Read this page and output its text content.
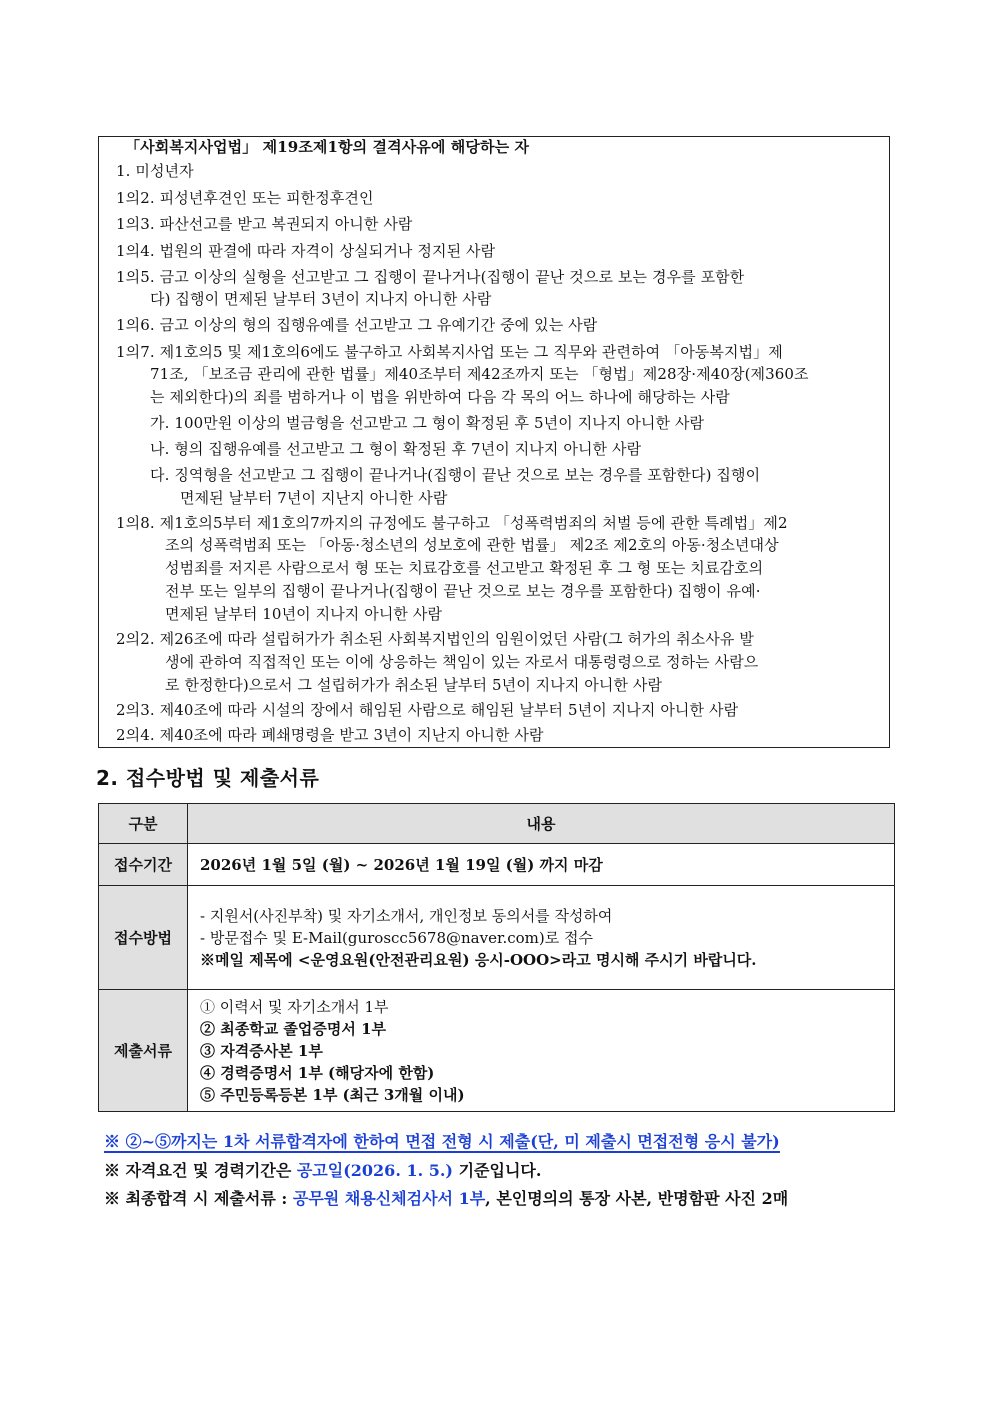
「사회복지사업법」 제19조제1항의 결격사유에 해당하는 자
1. 미성년자
1의2. 피성년후견인 또는 피한정후견인
1의3. 파산선고를 받고 복권되지 아니한 사람
1의4. 법원의 판결에 따라 자격이 상실되거나 정지된 사람
1의5. 금고 이상의 실형을 선고받고 그 집행이 끝나거나(집행이 끝난 것으로 보는 경우를 포함한
다) 집행이 면제된 날부터 3년이 지나지 아니한 사람
1의6. 금고 이상의 형의 집행유예를 선고받고 그 유예기간 중에 있는 사람
1의7. 제1호의5 및 제1호의6에도 불구하고 사회복지사업 또는 그 직무와 관련하여 「아동복지법」제
71조, 「보조금 관리에 관한 법률」제40조부터 제42조까지 또는 「형법」제28장·제40장(제360조
는 제외한다)의 죄를 범하거나 이 법을 위반하여 다음 각 목의 어느 하나에 해당하는 사람
가. 100만원 이상의 벌금형을 선고받고 그 형이 확정된 후 5년이 지나지 아니한 사람
나. 형의 집행유예를 선고받고 그 형이 확정된 후 7년이 지나지 아니한 사람
다. 징역형을 선고받고 그 집행이 끝나거나(집행이 끝난 것으로 보는 경우를 포함한다) 집행이
면제된 날부터 7년이 지난지 아니한 사람
1의8. 제1호의5부터 제1호의7까지의 규정에도 불구하고 「성폭력범죄의 처벌 등에 관한 특례법」제2
조의 성폭력범죄 또는 「아동·청소년의 성보호에 관한 법률」 제2조 제2호의 아동·청소년대상
성범죄를 저지른 사람으로서 형 또는 치료감호를 선고받고 확정된 후 그 형 또는 치료감호의
전부 또는 일부의 집행이 끝나거나(집행이 끝난 것으로 보는 경우를 포함한다) 집행이 유예·
면제된 날부터 10년이 지나지 아니한 사람
2의2. 제26조에 따라 설립허가가 취소된 사회복지법인의 임원이었던 사람(그 허가의 취소사유 발
생에 관하여 직접적인 또는 이에 상응하는 책임이 있는 자로서 대통령령으로 정하는 사람으
로 한정한다)으로서 그 설립허가가 취소된 날부터 5년이 지나지 아니한 사람
2의3. 제40조에 따라 시설의 장에서 해임된 사람으로 해임된 날부터 5년이 지나지 아니한 사람
2의4. 제40조에 따라 폐쇄명령을 받고 3년이 지난지 아니한 사람
2. 접수방법 및 제출서류
구분	내용
접수기간	2026년 1월 5일 (월) ~ 2026년 1월 19일 (월) 까지 마감
접수방법	- 지원서(사진부착) 및 자기소개서, 개인정보 동의서를 작성하여
- 방문접수 및 E-Mail(guroscc5678@naver.com)로 접수
※메일 제목에 <운영요원(안전관리요원) 응시-OOO>라고 명시해 주시기 바랍니다.

제출서류	① 이력서 및 자기소개서 1부
② 최종학교 졸업증명서 1부
③ 자격증사본 1부
④ 경력증명서 1부 (해당자에 한함)
⑤ 주민등록등본 1부 (최근 3개월 이내)
※ ②~⑤까지는 1차 서류합격자에 한하여 면접 전형 시 제출(단, 미 제출시 면접전형 응시 불가)
※ 자격요건 및 경력기간은 공고일(2026. 1. 5.) 기준입니다.
※ 최종합격 시 제출서류 : 공무원 채용신체검사서 1부, 본인명의의 통장 사본, 반명함판 사진 2매
